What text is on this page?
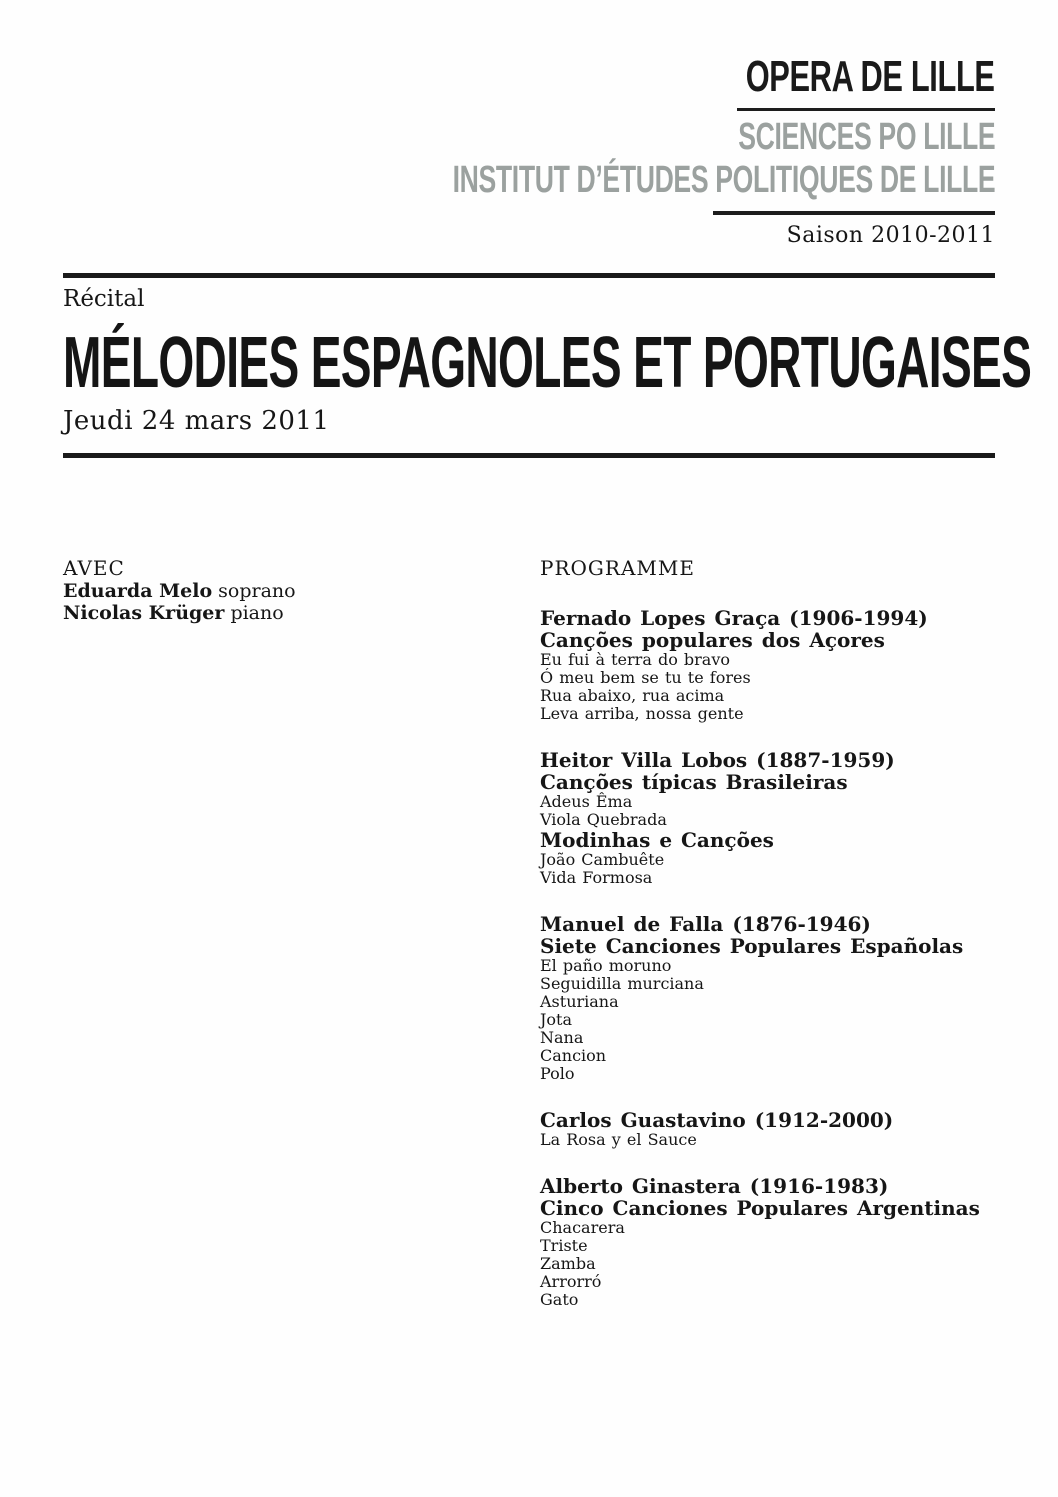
OPERA DE LILLE
SCIENCES PO LILLE
INSTITUT D’ÉTUDES POLITIQUES DE LILLE
Saison 2010-2011
Récital
MÉLODIES ESPAGNOLES ET PORTUGAISES
Jeudi 24 mars 2011
AVEC
Eduarda Melo soprano
Nicolas Krüger piano
PROGRAMME
Fernado Lopes Graça (1906-1994)
Canções populares dos Açores
Eu fui à terra do bravo
Ó meu bem se tu te fores
Rua abaixo, rua acima
Leva arriba, nossa gente
Heitor Villa Lobos (1887-1959)
Canções típicas Brasileiras
Adeus Êma
Viola Quebrada
Modinhas e Canções
João Cambuête
Vida Formosa
Manuel de Falla (1876-1946)
Siete Canciones Populares Españolas
El paño moruno
Seguidilla murciana
Asturiana
Jota
Nana
Cancion
Polo
Carlos Guastavino (1912-2000)
La Rosa y el Sauce
Alberto Ginastera (1916-1983)
Cinco Canciones Populares Argentinas
Chacarera
Triste
Zamba
Arrorró
Gato
